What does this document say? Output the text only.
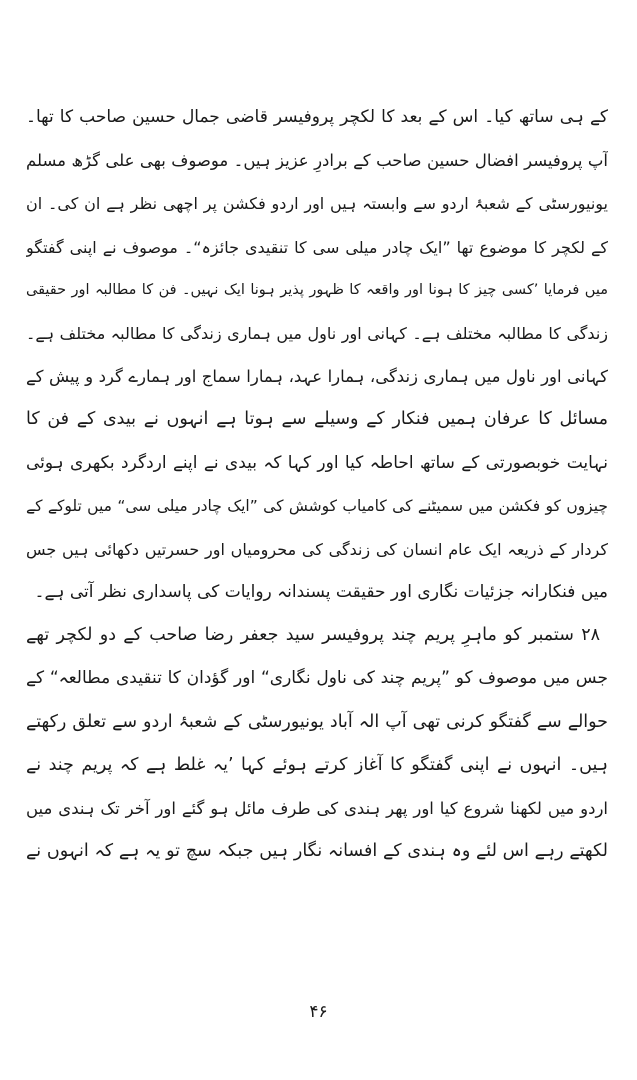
کے ہی ساتھ کیا۔ اس کے بعد کا لکچر پروفیسر قاضی جمال حسین صاحب کا تھا۔
آپ پروفیسر افضال حسین صاحب کے برادرِ عزیز ہیں۔ موصوف بھی علی گڑھ مسلم
یونیورسٹی کے شعبۂ اردو سے وابستہ ہیں اور اردو فکشن پر اچھی نظر ہے ان کی۔ ان
کے لکچر کا موضوع تھا ”ایک چادر میلی سی کا تنقیدی جائزہ“۔ موصوف نے اپنی گفتگو
میں فرمایا ’کسی چیز کا ہونا اور واقعہ کا ظہور پذیر ہونا ایک نہیں۔ فن کا مطالبہ اور حقیقی
زندگی کا مطالبہ مختلف ہے۔ کہانی اور ناول میں ہماری زندگی کا مطالبہ مختلف ہے۔
کہانی اور ناول میں ہماری زندگی، ہمارا عہد، ہمارا سماج اور ہمارے گرد و پیش کے
مسائل کا عرفان ہمیں فنکار کے وسیلے سے ہوتا ہے انہوں نے بیدی کے فن کا
نہایت خوبصورتی کے ساتھ احاطہ کیا اور کہا کہ بیدی نے اپنے اردگرد بکھری ہوئی
چیزوں کو فکشن میں سمیٹنے کی کامیاب کوشش کی ”ایک چادر میلی سی“ میں تلوکے کے
کردار کے ذریعہ ایک عام انسان کی زندگی کی محرومیاں اور حسرتیں دکھائی ہیں جس
میں فنکارانہ جزئیات نگاری اور حقیقت پسندانہ روایات کی پاسداری نظر آتی ہے۔
۲۸ ستمبر کو ماہرِ پریم چند پروفیسر سید جعفر رضا صاحب کے دو لکچر تھے
جس میں موصوف کو ”پریم چند کی ناول نگاری“ اور گؤدان کا تنقیدی مطالعہ“ کے
حوالے سے گفتگو کرنی تھی آپ الہ آباد یونیورسٹی کے شعبۂ اردو سے تعلق رکھتے
ہیں۔ انہوں نے اپنی گفتگو کا آغاز کرتے ہوئے کہا ’یہ غلط ہے کہ پریم چند نے
اردو میں لکھنا شروع کیا اور پھر ہندی کی طرف مائل ہو گئے اور آخر تک ہندی میں
لکھتے رہے اس لئے وہ ہندی کے افسانہ نگار ہیں جبکہ سچ تو یہ ہے کہ انہوں نے
۴۶
